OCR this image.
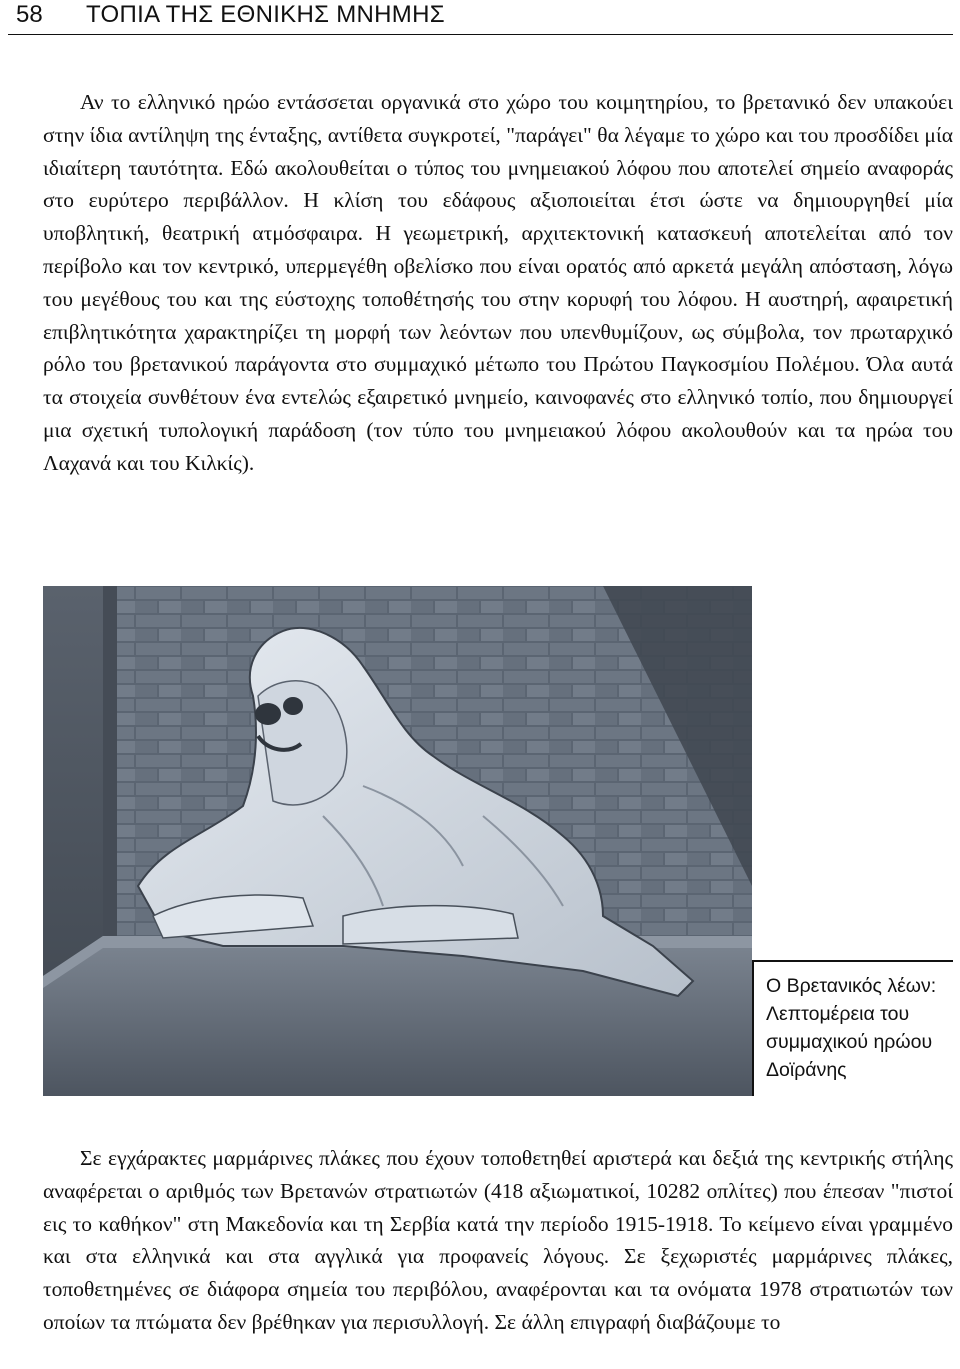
58 ΤΟΠΙΑ ΤΗΣ ΕΘΝΙΚΗΣ ΜΝΗΜΗΣ

Αν το ελληνικό ηρώο εντάσσεται οργανικά στο χώρο του κοιμητηρίου, το βρετανικό δεν υπακούει στην ίδια αντίληψη της ένταξης, αντίθετα συγκροτεί, "παράγει" θα λέγαμε το χώρο και του προσδίδει μία ιδιαίτερη ταυτότητα. Εδώ ακολουθείται ο τύπος του μνημειακού λόφου που αποτελεί σημείο αναφοράς στο ευρύτερο περιβάλλον. Η κλίση του εδάφους αξιοποιείται έτσι ώστε να δημιουργηθεί μία υποβλητική, θεατρική ατμόσφαιρα. Η γεωμετρική, αρχιτεκτονική κατασκευή αποτελείται από τον περίβολο και τον κεντρικό, υπερμεγέθη οβελίσκο που είναι ορατός από αρκετά μεγάλη απόσταση, λόγω του μεγέθους του και της εύστοχης τοποθέτησής του στην κορυφή του λόφου. Η αυστηρή, αφαιρετική επιβλητικότητα χαρακτηρίζει τη μορφή των λεόντων που υπενθυμίζουν, ως σύμβολα, τον πρωταρχικό ρόλο του βρετανικού παράγοντα στο συμμαχικό μέτωπο του Πρώτου Παγκοσμίου Πολέμου. Όλα αυτά τα στοιχεία συνθέτουν ένα εντελώς εξαιρετικό μνημείο, καινοφανές στο ελληνικό τοπίο, που δημιουργεί μια σχετική τυπολογική παράδοση (τον τύπο του μνημειακού λόφου ακολουθούν και τα ηρώα του Λαχανά και του Κιλκίς).

Ο Βρετανικός λέων: Λεπτομέρεια του συμμαχικού ηρώου Δοϊράνης

Σε εγχάρακτες μαρμάρινες πλάκες που έχουν τοποθετηθεί αριστερά και δεξιά της κεντρικής στήλης αναφέρεται ο αριθμός των Βρετανών στρατιωτών (418 αξιωματικοί, 10282 οπλίτες) που έπεσαν "πιστοί εις το καθήκον" στη Μακεδονία και τη Σερβία κατά την περίοδο 1915-1918. Το κείμενο είναι γραμμένο και στα ελληνικά και στα αγγλικά για προφανείς λόγους. Σε ξεχωριστές μαρμάρινες πλάκες, τοποθετημένες σε διάφορα σημεία του περιβόλου, αναφέρονται και τα ονόματα 1978 στρατιωτών των οποίων τα πτώματα δεν βρέθηκαν για περισυλλογή. Σε άλλη επιγραφή διαβάζουμε το
